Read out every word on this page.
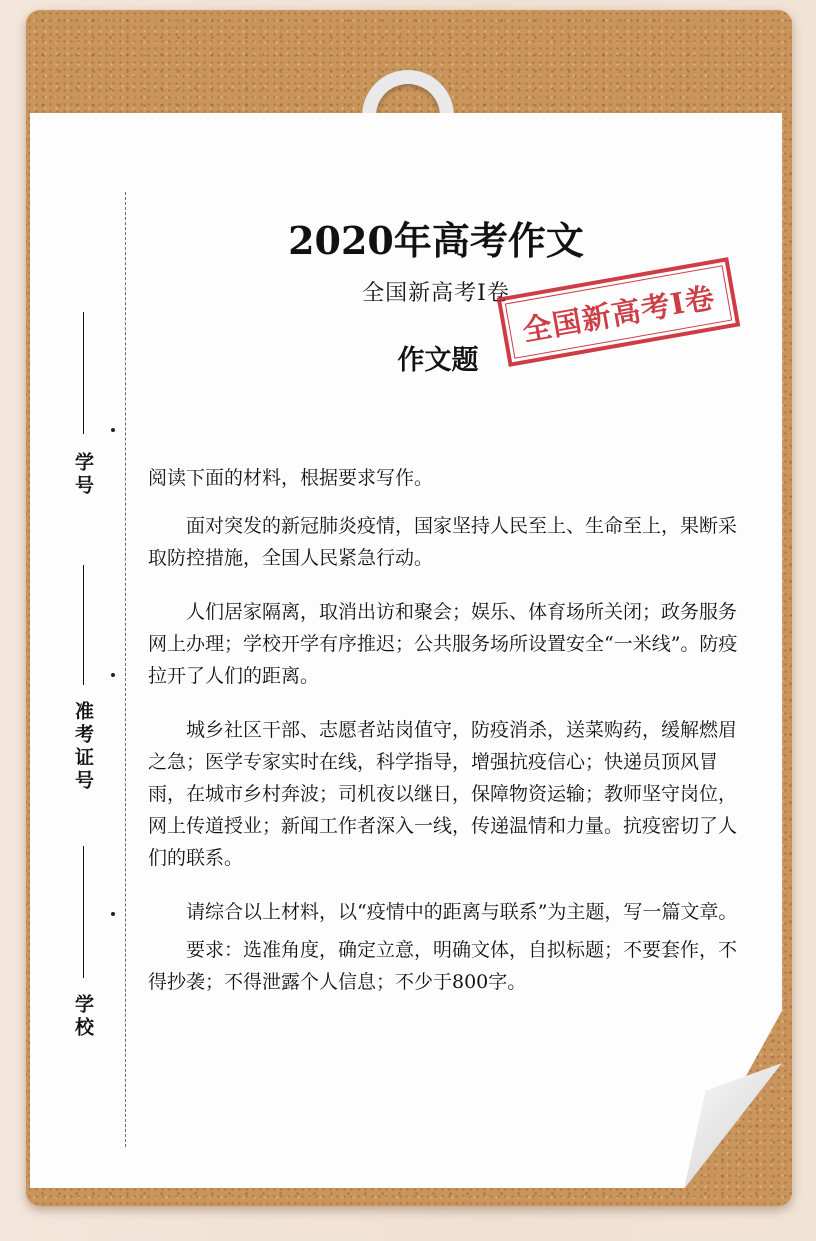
学号
准考证号
学校
2020年高考作文
全国新高考Ⅰ卷
作文题
全国新高考Ⅰ卷

阅读下面的材料，根据要求写作。

面对突发的新冠肺炎疫情，国家坚持人民至上、生命至上，果断采取防控措施，全国人民紧急行动。

人们居家隔离，取消出访和聚会；娱乐、体育场所关闭；政务服务网上办理；学校开学有序推迟；公共服务场所设置安全“一米线”。防疫拉开了人们的距离。

城乡社区干部、志愿者站岗值守，防疫消杀，送菜购药，缓解燃眉之急；医学专家实时在线，科学指导，增强抗疫信心；快递员顶风冒雨，在城市乡村奔波；司机夜以继日，保障物资运输；教师坚守岗位，网上传道授业；新闻工作者深入一线，传递温情和力量。抗疫密切了人们的联系。

请综合以上材料，以“疫情中的距离与联系”为主题，写一篇文章。

要求：选准角度，确定立意，明确文体，自拟标题；不要套作，不得抄袭；不得泄露个人信息；不少于800字。
